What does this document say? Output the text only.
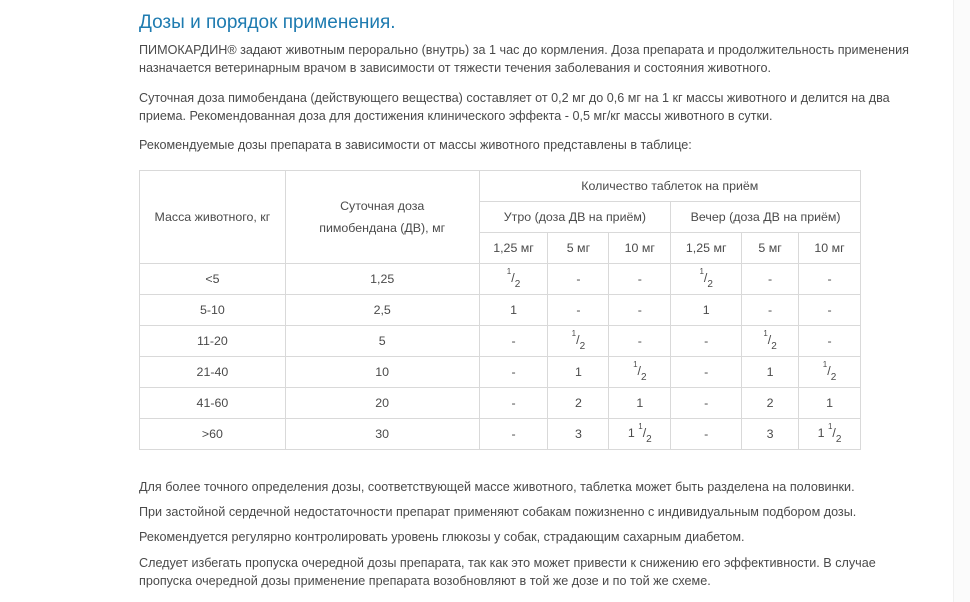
Дозы и порядок применения.

ПИМОКАРДИН® задают животным перорально (внутрь) за 1 час до кормления. Доза препарата и продолжительность применения назначается ветеринарным врачом в зависимости от тяжести течения заболевания и состояния животного.

Суточная доза пимобендана (действующего вещества) составляет от 0,2 мг до 0,6 мг на 1 кг массы животного и делится на два приема. Рекомендованная доза для достижения клинического эффекта - 0,5 мг/кг массы животного в сутки.

Рекомендуемые дозы препарата в зависимости от массы животного представлены в таблице:

Масса животного, кг	Суточная доза пимобендана (ДВ), мг	Количество таблеток на приём					
		Утро (доза ДВ на приём)			Вечер (доза ДВ на приём)		
		1,25 мг	5 мг	10 мг	1,25 мг	5 мг	10 мг
<5	1,25	$^1/_2$	-	-	$^1/_2$	-	-
5-10	2,5	1	-	-	1	-	-
11-20	5	-	$^1/_2$	-	-	$^1/_2$	-
21-40	10	-	1	$^1/_2$	-	1	$^1/_2$
41-60	20	-	2	1	-	2	1
>60	30	-	3	1 $^1/_2$	-	3	1 $^1/_2$

Для более точного определения дозы, соответствующей массе животного, таблетка может быть разделена на половинки.

При застойной сердечной недостаточности препарат применяют собакам пожизненно с индивидуальным подбором дозы.

Рекомендуется регулярно контролировать уровень глюкозы у собак, страдающим сахарным диабетом.

Следует избегать пропуска очередной дозы препарата, так как это может привести к снижению его эффективности. В случае пропуска очередной дозы применение препарата возобновляют в той же дозе и по той же схеме.
